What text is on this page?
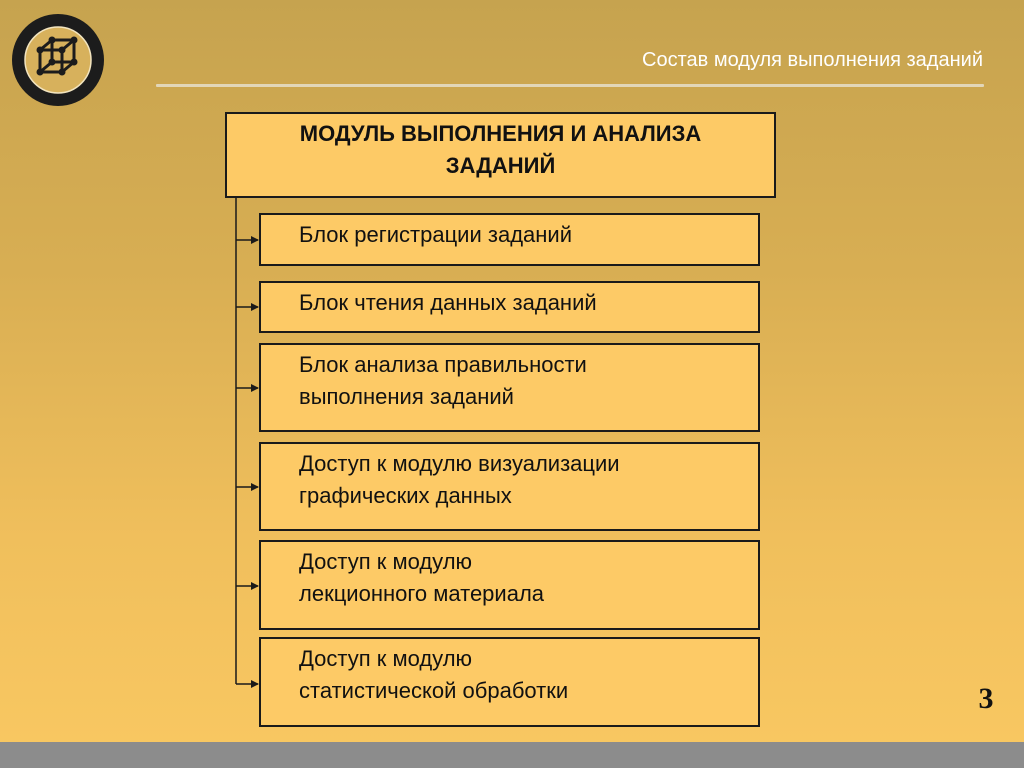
Состав модуля выполнения заданий
МОДУЛЬ ВЫПОЛНЕНИЯ И АНАЛИЗА
ЗАДАНИЙ
Блок регистрации заданий
Блок чтения данных заданий
Блок анализа правильности
выполнения заданий
Доступ к модулю визуализации
графических данных
Доступ к модулю
лекционного материала
Доступ к модулю
статистической обработки	3
